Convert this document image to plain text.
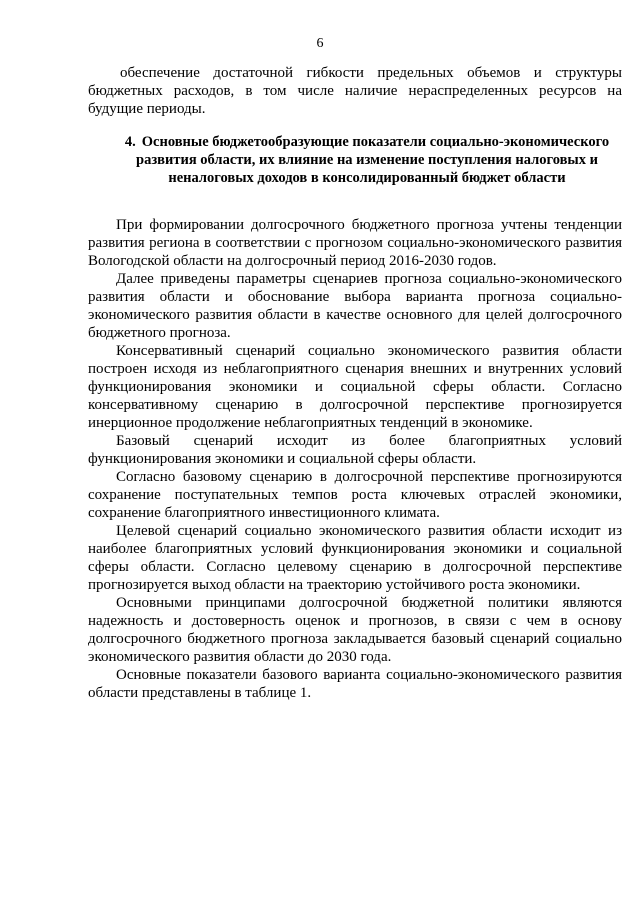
6

обеспечение достаточной гибкости предельных объемов и структуры бюджетных расходов, в том числе наличие нераспределенных ресурсов на будущие периоды.

4. Основные бюджетообразующие показатели социально-экономического развития области, их влияние на изменение поступления налоговых и неналоговых доходов в консолидированный бюджет области

При формировании долгосрочного бюджетного прогноза учтены тенденции развития региона в соответствии с прогнозом социально-экономического развития Вологодской области на долгосрочный период 2016-2030 годов.

Далее приведены параметры сценариев прогноза социально-экономического развития области и обоснование выбора варианта прогноза социально-экономического развития области в качестве основного для целей долгосрочного бюджетного прогноза.

Консервативный сценарий социально экономического развития области построен исходя из неблагоприятного сценария внешних и внутренних условий функционирования экономики и социальной сферы области. Согласно консервативному сценарию в долгосрочной перспективе прогнозируется инерционное продолжение неблагоприятных тенденций в экономике.

Базовый сценарий исходит из более благоприятных условий функционирования экономики и социальной сферы области.

Согласно базовому сценарию в долгосрочной перспективе прогнозируются сохранение поступательных темпов роста ключевых отраслей экономики, сохранение благоприятного инвестиционного климата.

Целевой сценарий социально экономического развития области исходит из наиболее благоприятных условий функционирования экономики и социальной сферы области. Согласно целевому сценарию в долгосрочной перспективе прогнозируется выход области на траекторию устойчивого роста экономики.

Основными принципами долгосрочной бюджетной политики являются надежность и достоверность оценок и прогнозов, в связи с чем в основу долгосрочного бюджетного прогноза закладывается базовый сценарий социально экономического развития области до 2030 года.

Основные показатели базового варианта социально-экономического развития области представлены в таблице 1.
